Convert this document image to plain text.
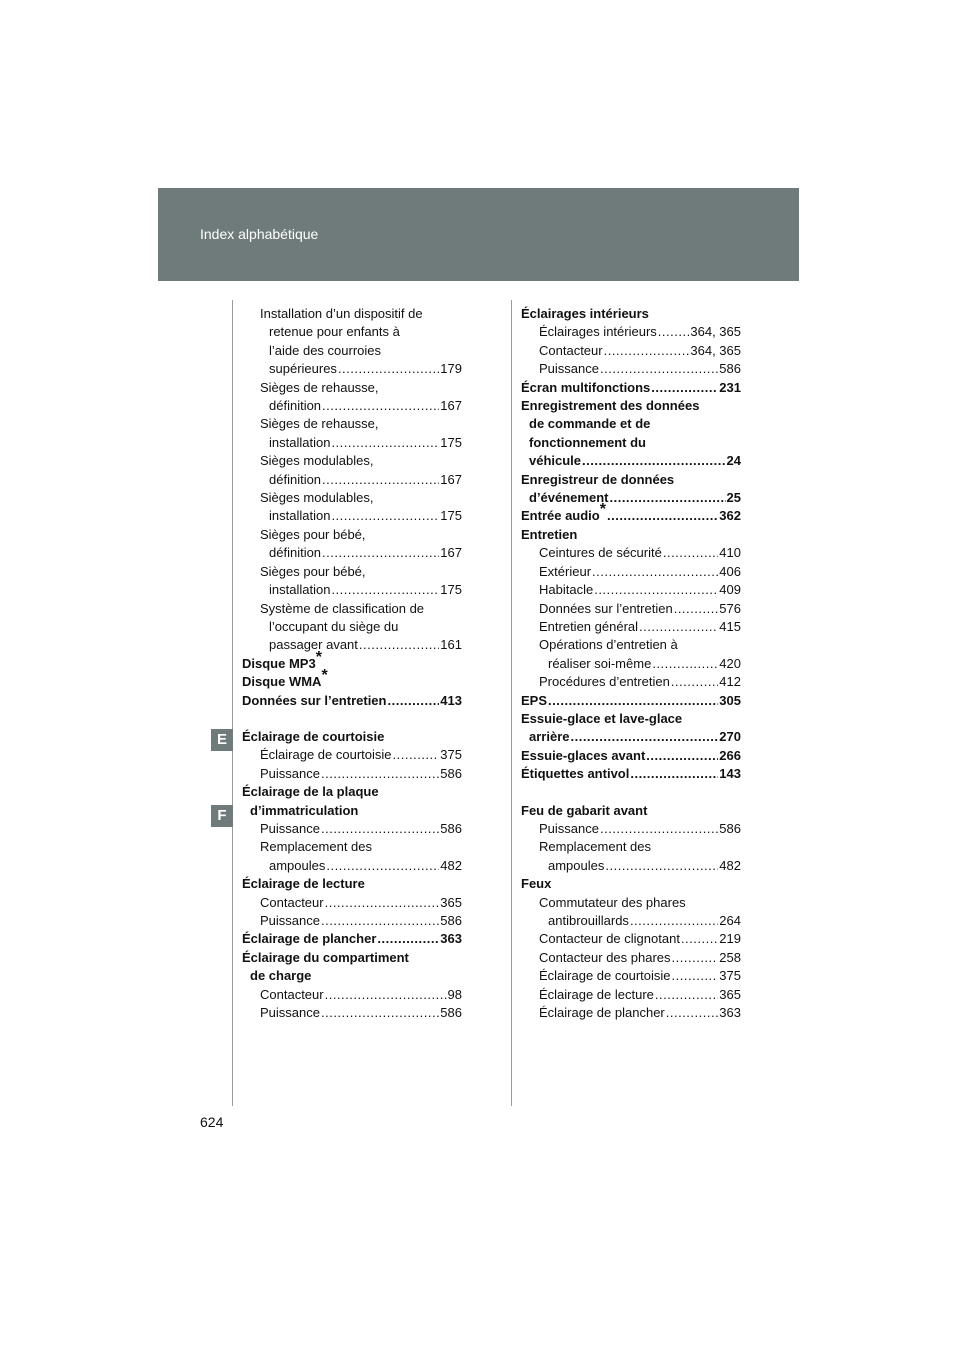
Index alphabétique
E
F
624
Installation d’un dispositif de
retenue pour enfants à
l’aide des courroies
supérieures .....	179
Sièges de rehausse,
définition .....	167
Sièges de rehausse,
installation .....	175
Sièges modulables,
définition .....	167
Sièges modulables,
installation .....	175
Sièges pour bébé,
définition .....	167
Sièges pour bébé,
installation .....	175
Système de classification de
l’occupant du siège du
passager avant .....	161
Disque MP3*
Disque WMA*
Données sur l’entretien .....	413
Éclairage de courtoisie
Éclairage de courtoisie .....	375
Puissance .....	586
Éclairage de la plaque
d’immatriculation
Puissance .....	586
Remplacement des
ampoules .....	482
Éclairage de lecture
Contacteur .....	365
Puissance .....	586
Éclairage de plancher .....	363
Éclairage du compartiment
de charge
Contacteur .....	98
Puissance .....	586
Éclairages intérieurs
Éclairages intérieurs .....	364, 365
Contacteur .....	364, 365
Puissance .....	586
Écran multifonctions .....	231
Enregistrement des données
de commande et de
fonctionnement du
véhicule .....	24
Enregistreur de données
d’événement .....	25
Entrée audio* .....	362
Entretien
Ceintures de sécurité .....	410
Extérieur .....	406
Habitacle .....	409
Données sur l’entretien .....	576
Entretien général .....	415
Opérations d’entretien à
réaliser soi-même .....	420
Procédures d’entretien .....	412
EPS .....	305
Essuie-glace et lave-glace
arrière .....	270
Essuie-glaces avant .....	266
Étiquettes antivol .....	143
Feu de gabarit avant
Puissance .....	586
Remplacement des
ampoules .....	482
Feux
Commutateur des phares
antibrouillards .....	264
Contacteur de clignotant .....	219
Contacteur des phares .....	258
Éclairage de courtoisie .....	375
Éclairage de lecture .....	365
Éclairage de plancher .....	363
